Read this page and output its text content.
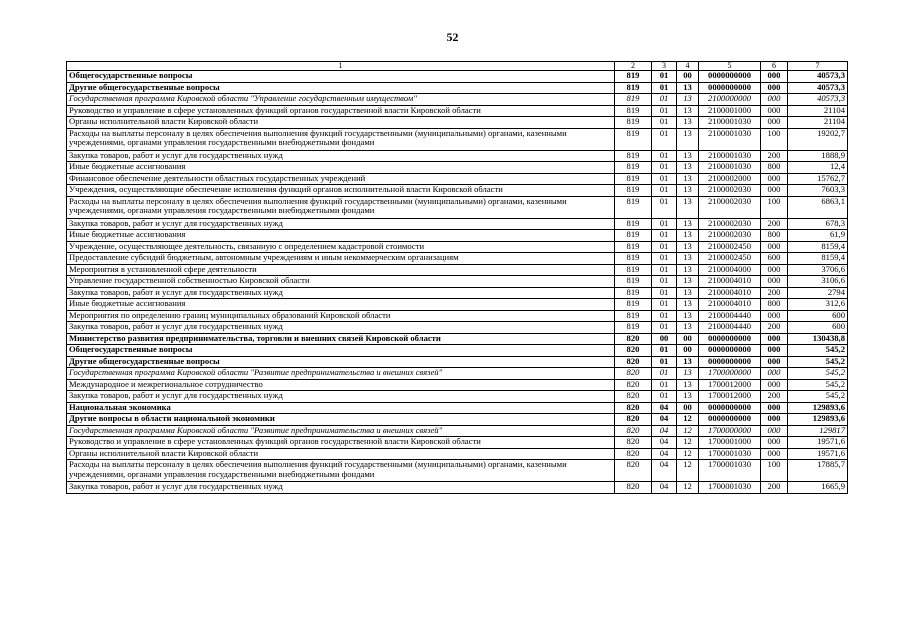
52
1	2	3	4	5	6	7
Общегосударственные вопросы	819	01	00	0000000000	000	40573,3
Другие общегосударственные вопросы	819	01	13	0000000000	000	40573,3
Государственная программа Кировской области "Управление государственным имуществом"	819	01	13	2100000000	000	40573,3
Руководство и управление в сфере установленных функций органов государственной власти Кировской области	819	01	13	2100001000	000	21104
Органы исполнительной власти Кировской области	819	01	13	2100001030	000	21104
Расходы на выплаты персоналу в целях обеспечения выполнения функций государственными (муниципальными) органами, казенными учреждениями, органами управления государственными внебюджетными фондами	819	01	13	2100001030	100	19202,7
Закупка товаров, работ и услуг для государственных нужд	819	01	13	2100001030	200	1888,9
Иные бюджетные ассигнования	819	01	13	2100001030	800	12,4
Финансовое обеспечение деятельности областных государственных учреждений	819	01	13	2100002000	000	15762,7
Учреждения, осуществляющие обеспечение исполнения функций органов исполнительной власти Кировской области	819	01	13	2100002030	000	7603,3
Расходы на выплаты персоналу в целях обеспечения выполнения функций государственными (муниципальными) органами, казенными учреждениями, органами управления государственными внебюджетными фондами	819	01	13	2100002030	100	6863,1
Закупка товаров, работ и услуг для государственных нужд	819	01	13	2100002030	200	678,3
Иные бюджетные ассигнования	819	01	13	2100002030	800	61,9
Учреждение, осуществляющее деятельность, связанную с определением кадастровой стоимости	819	01	13	2100002450	000	8159,4
Предоставление субсидий бюджетным, автономным учреждениям и иным некоммерческим организациям	819	01	13	2100002450	600	8159,4
Мероприятия в установленной сфере деятельности	819	01	13	2100004000	000	3706,6
Управление государственной собственностью Кировской области	819	01	13	2100004010	000	3106,6
Закупка товаров, работ и услуг для государственных нужд	819	01	13	2100004010	200	2794
Иные бюджетные ассигнования	819	01	13	2100004010	800	312,6
Мероприятия по определению границ муниципальных образований Кировской области	819	01	13	2100004440	000	600
Закупка товаров, работ и услуг для государственных нужд	819	01	13	2100004440	200	600
Министерство развития предпринимательства, торговли и внешних связей Кировской области	820	00	00	0000000000	000	130438,8
Общегосударственные вопросы	820	01	00	0000000000	000	545,2
Другие общегосударственные вопросы	820	01	13	0000000000	000	545,2
Государственная программа Кировской области "Развитие предпринимательства и внешних связей"	820	01	13	1700000000	000	545,2
Международное и межрегиональное сотрудничество	820	01	13	1700012000	000	545,2
Закупка товаров, работ и услуг для государственных нужд	820	01	13	1700012000	200	545,2
Национальная экономика	820	04	00	0000000000	000	129893,6
Другие вопросы в области национальной экономики	820	04	12	0000000000	000	129893,6
Государственная программа Кировской области "Развитие предпринимательства и внешних связей"	820	04	12	1700000000	000	129817
Руководство и управление в сфере установленных функций органов государственной власти Кировской области	820	04	12	1700001000	000	19571,6
Органы исполнительной власти Кировской области	820	04	12	1700001030	000	19571,6
Расходы на выплаты персоналу в целях обеспечения выполнения функций государственными (муниципальными) органами, казенными учреждениями, органами управления государственными внебюджетными фондами	820	04	12	1700001030	100	17885,7
Закупка товаров, работ и услуг для государственных нужд	820	04	12	1700001030	200	1665,9
